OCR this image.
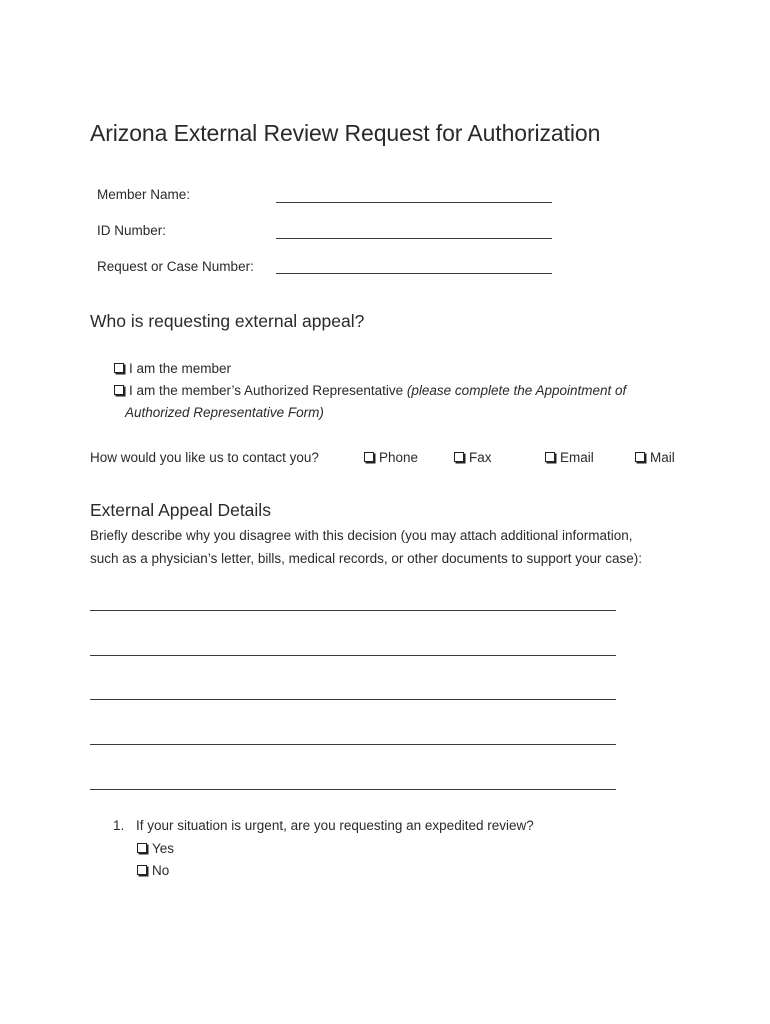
Arizona External Review Request for Authorization
Member Name:
ID Number:
Request or Case Number:
Who is requesting external appeal?
I am the member
I am the member’s Authorized Representative (please complete the Appointment of
Authorized Representative Form)
How would you like us to contact you?	Phone	Fax	Email	Mail
External Appeal Details
Briefly describe why you disagree with this decision (you may attach additional information,
such as a physician’s letter, bills, medical records, or other documents to support your case):
1. If your situation is urgent, are you requesting an expedited review?
Yes
No
